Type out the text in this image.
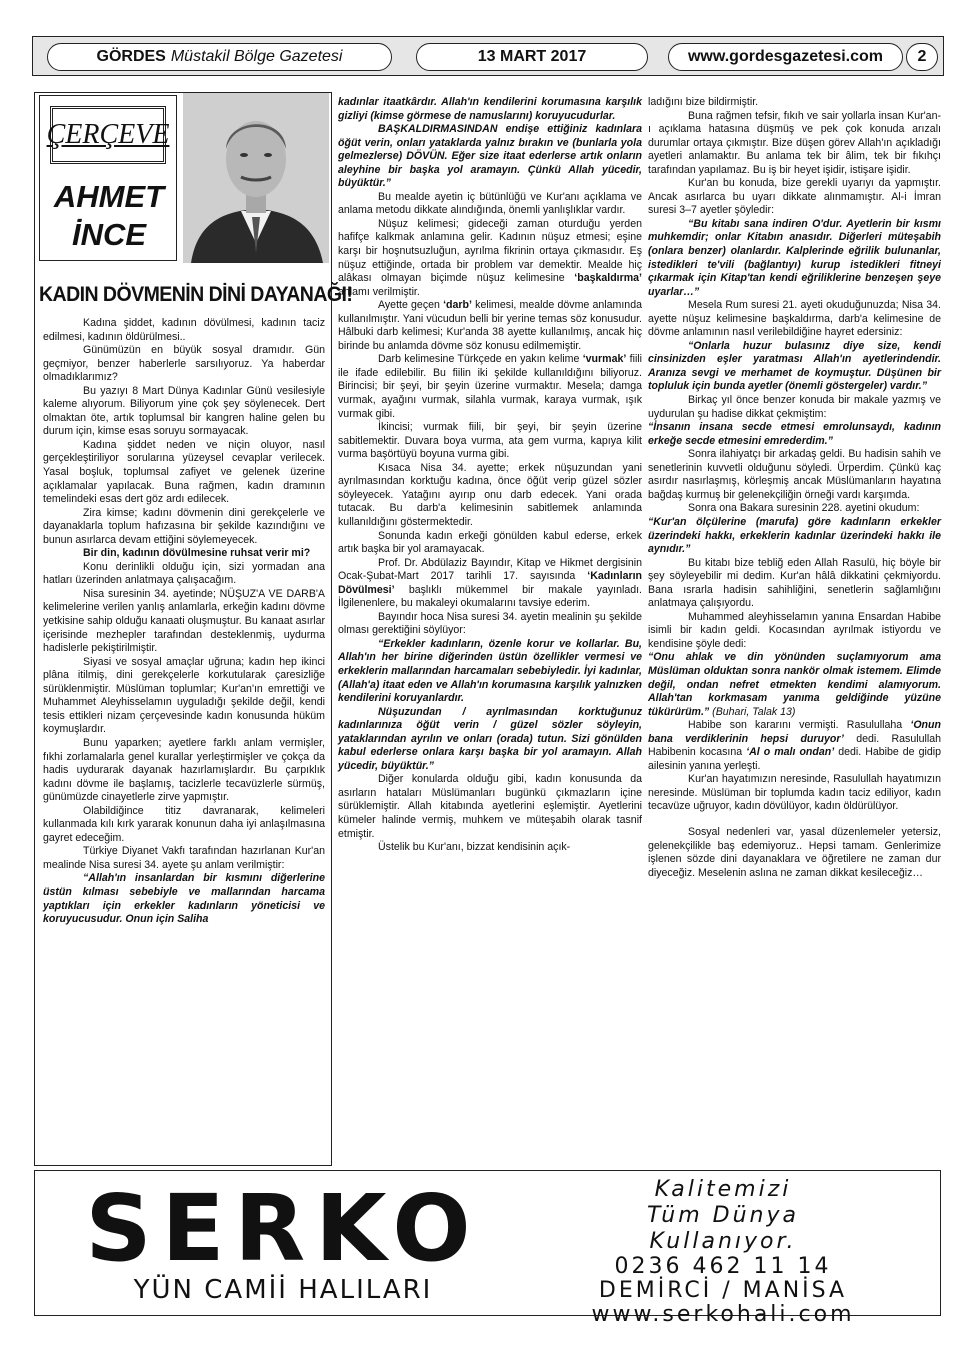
GÖRDES Müstakil Bölge Gazetesi	13 MART 2017	www.gordesgazetesi.com	2
ÇERÇEVE
AHMET
İNCE
KADIN DÖVMENİN DİNİ DAYANAĞI!

Kadına şiddet, kadının dövülmesi, kadının taciz edilmesi, kadının öldürülmesi..

Günümüzün en büyük sosyal dramıdır. Gün geçmiyor, benzer haberlerle sarsılıyoruz. Ya haberdar olmadıklarımız?

Bu yazıyı 8 Mart Dünya Kadınlar Günü vesilesiyle kaleme alıyorum. Biliyorum yine çok şey söylenecek. Dert olmaktan öte, artık toplumsal bir kangren haline gelen bu durum için, kimse esas soruyu sormayacak.

Kadına şiddet neden ve niçin oluyor, nasıl gerçekleştiriliyor sorularına yüzeysel cevaplar verilecek. Yasal boşluk, toplumsal zafiyet ve gelenek üzerine açıklamalar yapılacak. Buna rağmen, kadın dramının temelindeki esas dert göz ardı edilecek.

Zira kimse; kadını dövmenin dini gerekçelerle ve dayanaklarla toplum hafızasına bir şekilde kazındığını ve bunun asırlarca devam ettiğini söylemeyecek.

Bir din, kadının dövülmesine ruhsat verir mi?

Konu derinlikli olduğu için, sizi yormadan ana hatları üzerinden anlatmaya çalışacağım.

Nisa suresinin 34. ayetinde; NÜŞUZ'A VE DARB'A kelimelerine verilen yanlış anlamlarla, erkeğin kadını dövme yetkisine sahip olduğu kanaati oluşmuştur. Bu kanaat asırlar içerisinde mezhepler tarafından desteklenmiş, uydurma hadislerle pekiştirilmiştir.

Siyasi ve sosyal amaçlar uğruna; kadın hep ikinci plâna itilmiş, dini gerekçelerle korkutularak çaresizliğe sürüklenmiştir. Müslüman toplumlar; Kur'an'ın emrettiği ve Muhammet Aleyhisselamın uyguladığı şekilde değil, kendi tesis ettikleri nizam çerçevesinde kadın konusunda hüküm koymuşlardır.

Bunu yaparken; ayetlere farklı anlam vermişler, fıkhi zorlamalarla genel kurallar yerleştirmişler ve çokça da hadis uydurarak dayanak hazırlamışlardır. Bu çarpıklık kadını dövme ile başlamış, tacizlerle tecavüzlerle sürmüş, günümüzde cinayetlerle zirve yapmıştır.

Olabildiğince titiz davranarak, kelimeleri kullanmada kılı kırk yararak konunun daha iyi anlaşılmasına gayret edeceğim.

Türkiye Diyanet Vakfı tarafından hazırlanan Kur'an mealinde Nisa suresi 34. ayete şu anlam verilmiştir:

“Allah'ın insanlardan bir kısmını diğerlerine üstün kılması sebebiyle ve mallarından harcama yaptıkları için erkekler kadınların yöneticisi ve koruyucusudur. Onun için Saliha

kadınlar itaatkârdır. Allah'ın kendilerini korumasına karşılık gizliyi (kimse görmese de namuslarını) koruyucudurlar.

BAŞKALDIRMASINDAN endişe ettiğiniz kadınlara öğüt verin, onları yataklarda yalnız bırakın ve (bunlarla yola gelmezlerse) DÖVÜN. Eğer size itaat ederlerse artık onların aleyhine bir başka yol aramayın. Çünkü Allah yücedir, büyüktür.”

Bu mealde ayetin iç bütünlüğü ve Kur'anı açıklama ve anlama metodu dikkate alındığında, önemli yanlışlıklar vardır.

Nüşuz kelimesi; gideceği zaman oturduğu yerden hafifçe kalkmak anlamına gelir. Kadının nüşuz etmesi; eşine karşı bir hoşnutsuzluğun, ayrılma fikrinin ortaya çıkmasıdır. Eş nüşuz ettiğinde, ortada bir problem var demektir. Mealde hiç alâkası olmayan biçimde nüşuz kelimesine ‘başkaldırma’ anlamı verilmiştir.

Ayette geçen ‘darb’ kelimesi, mealde dövme anlamında kullanılmıştır. Yani vücudun belli bir yerine temas söz konusudur. Hâlbuki darb kelimesi; Kur'anda 38 ayette kullanılmış, ancak hiç birinde bu anlamda dövme söz konusu edilmemiştir.

Darb kelimesine Türkçede en yakın kelime ‘vurmak’ fiili ile ifade edilebilir. Bu fiilin iki şekilde kullanıldığını biliyoruz. Birincisi; bir şeyi, bir şeyin üzerine vurmaktır. Mesela; damga vurmak, ayağını vurmak, silahla vurmak, karaya vurmak, ışık vurmak gibi.

İkincisi; vurmak fiili, bir şeyi, bir şeyin üzerine sabitlemektir. Duvara boya vurma, ata gem vurma, kapıya kilit vurma başörtüyü boyuna vurma gibi.

Kısaca Nisa 34. ayette; erkek nüşuzundan yani ayrılmasından korktuğu kadına, önce öğüt verip güzel sözler söyleyecek. Yatağını ayırıp onu darb edecek. Yani orada tutacak. Bu darb'a kelimesinin sabitlemek anlamında kullanıldığını göstermektedir.

Sonunda kadın erkeği gönülden kabul ederse, erkek artık başka bir yol aramayacak.

Prof. Dr. Abdülaziz Bayındır, Kitap ve Hikmet dergisinin Ocak-Şubat-Mart 2017 tarihli 17. sayısında ‘Kadınların Dövülmesi’ başlıklı mükemmel bir makale yayınladı. İlgilenenlere, bu makaleyi okumalarını tavsiye ederim.

Bayındır hoca Nisa suresi 34. ayetin mealinin şu şekilde olması gerektiğini söylüyor:

“Erkekler kadınların, özenle korur ve kollarlar. Bu, Allah'ın her birine diğerinden üstün özellikler vermesi ve erkeklerin mallarından harcamaları sebebiyledir. İyi kadınlar, (Allah'a) itaat eden ve Allah'ın korumasına karşılık yalnızken kendilerini koruyanlardır.

Nüşuzundan / ayrılmasından korktuğunuz kadınlarınıza öğüt verin / güzel sözler söyleyin, yataklarından ayrılın ve onları (orada) tutun. Sizi gönülden kabul ederlerse onlara karşı başka bir yol aramayın. Allah yücedir, büyüktür.”

Diğer konularda olduğu gibi, kadın konusunda da asırların hataları Müslümanları bugünkü çıkmazların içine sürüklemiştir. Allah kitabında ayetlerini eşlemiştir. Ayetlerini kümeler halinde vermiş, muhkem ve müteşabih olarak tasnif etmiştir.

Üstelik bu Kur'anı, bizzat kendisinin açık-

ladığını bize bildirmiştir.

Buna rağmen tefsir, fıkıh ve sair yollarla insan Kur'an-ı açıklama hatasına düşmüş ve pek çok konuda arızalı durumlar ortaya çıkmıştır. Bize düşen görev Allah'ın açıkladığı ayetleri anlamaktır. Bu anlama tek bir âlim, tek bir fıkıhçı tarafından yapılamaz. Bu iş bir heyet işidir, istişare işidir.

Kur'an bu konuda, bize gerekli uyarıyı da yapmıştır. Ancak asırlarca bu uyarı dikkate alınmamıştır. Al-i İmran suresi 3–7 ayetler şöyledir:

“Bu kitabı sana indiren O'dur. Ayetlerin bir kısmı muhkemdir; onlar Kitabın anasıdır. Diğerleri müteşabih (onlara benzer) olanlardır. Kalplerinde eğrilik bulunanlar, istedikleri te'vili (bağlantıyı) kurup istedikleri fitneyi çıkarmak için Kitap'tan kendi eğriliklerine benzeşen şeye uyarlar…”

Mesela Rum suresi 21. ayeti okuduğunuzda; Nisa 34. ayette nüşuz kelimesine başkaldırma, darb'a kelimesine de dövme anlamının nasıl verilebildiğine hayret edersiniz:

“Onlarla huzur bulasınız diye size, kendi cinsinizden eşler yaratması Allah'ın ayetlerindendir. Aranıza sevgi ve merhamet de koymuştur. Düşünen bir topluluk için bunda ayetler (önemli göstergeler) vardır.”

Birkaç yıl önce benzer konuda bir makale yazmış ve uydurulan şu hadise dikkat çekmiştim:

“İnsanın insana secde etmesi emrolunsaydı, kadının erkeğe secde etmesini emrederdim.”

Sonra ilahiyatçı bir arkadaş geldi. Bu hadisin sahih ve senetlerinin kuvvetli olduğunu söyledi. Ürperdim. Çünkü kaç asırdır nasırlaşmış, körleşmiş ancak Müslümanların hayatına bağdaş kurmuş bir gelenekçiliğin örneği vardı karşımda.

Sonra ona Bakara suresinin 228. ayetini okudum:

“Kur'an ölçülerine (marufa) göre kadınların erkekler üzerindeki hakkı, erkeklerin kadınlar üzerindeki hakkı ile aynıdır.”

Bu kitabı bize tebliğ eden Allah Rasulü, hiç böyle bir şey söyleyebilir mi dedim. Kur'an hâlâ dikkatini çekmiyordu. Bana ısrarla hadisin sahihliğini, senetlerin sağlamlığını anlatmaya çalışıyordu.

Muhammed aleyhisselamın yanına Ensardan Habibe isimli bir kadın geldi. Kocasından ayrılmak istiyordu ve kendisine şöyle dedi:

“Onu ahlak ve din yönünden suçlamıyorum ama Müslüman olduktan sonra nankör olmak istemem. Elimde değil, ondan nefret etmekten kendimi alamıyorum. Allah'tan korkmasam yanıma geldiğinde yüzüne tükürürüm.” (Buhari, Talak 13)

Habibe son kararını vermişti. Rasulullaha ‘Onun bana verdiklerinin hepsi duruyor’ dedi. Rasulullah Habibenin kocasına ‘Al o malı ondan’ dedi. Habibe de gidip ailesinin yanına yerleşti.

Kur'an hayatımızın neresinde, Rasulullah hayatımızın neresinde. Müslüman bir toplumda kadın taciz ediliyor, kadın tecavüze uğruyor, kadın dövülüyor, kadın öldürülüyor.

Sosyal nedenleri var, yasal düzenlemeler yetersiz, gelenekçilikle baş edemiyoruz.. Hepsi tamam. Genlerimize işlenen sözde dini dayanaklara ve öğretilere ne zaman dur diyeceğiz. Meselenin aslına ne zaman dikkat kesileceğiz…

SERKO
YÜN CAMİİ HALILARI
Kalitemizi
Tüm Dünya
Kullanıyor.
0236 462 11 14
DEMİRCİ / MANİSA
www.serkohali.com
